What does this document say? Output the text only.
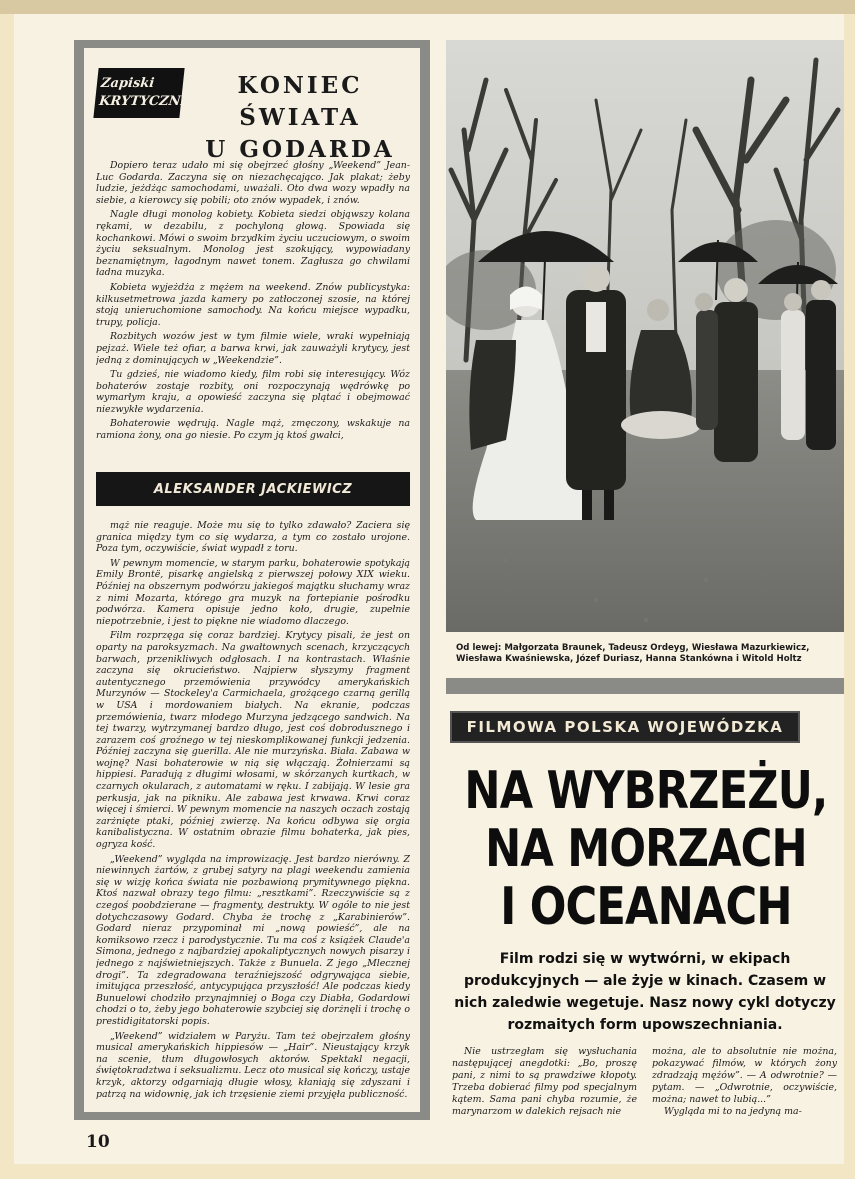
Zapiski
KRYTYCZNE
KONIEC ŚWIATA
U GODARDA

Dopiero teraz udało mi się obejrzeć głośny „Weekend” Jean-Luc Godarda. Zaczyna się on niezachęcająco. Jak plakat; żeby ludzie, jeżdżąc samochodami, uważali. Oto dwa wozy wpadły na siebie, a kierowcy się pobili; oto znów wypadek, i znów.

Nagle długi monolog kobiety. Kobieta siedzi objąwszy kolana rękami, w dezabilu, z pochyloną głową. Spowiada się kochankowi. Mówi o swoim brzydkim życiu uczuciowym, o swoim życiu seksualnym. Monolog jest szokujący, wypowiadany beznamiętnym, łagodnym nawet tonem. Zagłusza go chwilami ładna muzyka.

Kobieta wyjeżdża z mężem na weekend. Znów publicystyka: kilkusetmetrowa jazda kamery po zatłoczonej szosie, na której stoją unieruchomione samochody. Na końcu miejsce wypadku, trupy, policja.

Rozbitych wozów jest w tym filmie wiele, wraki wypełniają pejzaż. Wiele też ofiar, a barwa krwi, jak zauważyli krytycy, jest jedną z dominujących w „Weekendzie”.

Tu gdzieś, nie wiadomo kiedy, film robi się interesujący. Wóz bohaterów zostaje rozbity, oni rozpoczynają wędrówkę po wymarłym kraju, a opowieść zaczyna się plątać i obejmować niezwykłe wydarzenia.

Bohaterowie wędrują. Nagle mąż, zmęczony, wskakuje na ramiona żony, ona go niesie. Po czym ją ktoś gwałci,

ALEKSANDER JACKIEWICZ

mąż nie reaguje. Może mu się to tylko zdawało? Zaciera się granica między tym co się wydarza, a tym co zostało urojone. Poza tym, oczywiście, świat wypadł z toru.

W pewnym momencie, w starym parku, bohaterowie spotykają Emily Brontë, pisarkę angielską z pierwszej połowy XIX wieku. Później na obszernym podwórzu jakiegoś majątku słuchamy wraz z nimi Mozarta, którego gra muzyk na fortepianie pośrodku podwórza. Kamera opisuje jedno koło, drugie, zupełnie niepotrzebnie, i jest to piękne nie wiadomo dlaczego.

Film rozprzęga się coraz bardziej. Krytycy pisali, że jest on oparty na paroksyzmach. Na gwałtownych scenach, krzyczących barwach, przenikliwych odgłosach. I na kontrastach. Właśnie zaczyna się okrucieństwo. Najpierw słyszymy fragment autentycznego przemówienia przywódcy amerykańskich Murzynów — Stockeley'a Carmichaela, grożącego czarną gerillą w USA i mordowaniem białych. Na ekranie, podczas przemówienia, twarz młodego Murzyna jedzącego sandwich. Na tej twarzy, wytrzymanej bardzo długo, jest coś dobrodusznego i zarazem coś groźnego w tej nieskomplikowanej funkcji jedzenia. Później zaczyna się guerilla. Ale nie murzyńska. Biała. Zabawa w wojnę? Nasi bohaterowie w nią się włączają. Żołnierzami są hippiesi. Paradują z długimi włosami, w skórzanych kurtkach, w czarnych okularach, z automatami w ręku. I zabijają. W lesie gra perkusja, jak na pikniku. Ale zabawa jest krwawa. Krwi coraz więcej i śmierci. W pewnym momencie na naszych oczach zostają zarżnięte ptaki, później zwierzę. Na końcu odbywa się orgia kanibalistyczna. W ostatnim obrazie filmu bohaterka, jak pies, ogryza kość.

„Weekend” wygląda na improwizację. Jest bardzo nierówny. Z niewinnych żartów, z grubej satyry na plagi weekendu zamienia się w wizję końca świata nie pozbawioną prymitywnego piękna. Ktoś nazwał obrazy tego filmu: „resztkami”. Rzeczywiście są z czegoś poobdzierane — fragmenty, destrukty. W ogóle to nie jest dotychczasowy Godard. Chyba że trochę z „Karabinierów”. Godard nieraz przypominał mi „nową powieść”, ale na komiksowo rzecz i parodystycznie. Tu ma coś z książek Claude'a Simona, jednego z najbardziej apokaliptycznych nowych pisarzy i jednego z najświetniejszych. Także z Bunuela. Z jego „Mlecznej drogi”. Ta zdegradowana teraźniejszość odgrywająca siebie, imitująca przeszłość, antycypująca przyszłość! Ale podczas kiedy Bunuelowi chodziło przynajmniej o Boga czy Diabła, Godardowi chodzi o to, żeby jego bohaterowie szybciej się dorżnęli i trochę o prestidigitatorski popis.

„Weekend” widziałem w Paryżu. Tam też obejrzałem głośny musical amerykańskich hippiesów — „Hair”. Nieustający krzyk na scenie, tłum długowłosych aktorów. Spektakl negacji, świętokradztwa i seksualizmu. Lecz oto musical się kończy, ustaje krzyk, aktorzy odgarniają długie włosy, kłaniają się zdyszani i patrzą na widownię, jak ich trzęsienie ziemi przyjęła publiczność.

10
Od lewej: Małgorzata Braunek, Tadeusz Ordeyg, Wiesława Mazurkiewicz, Wiesława Kwaśniewska, Józef Duriasz, Hanna Stankówna i Witold Holtz
FILMOWA POLSKA WOJEWÓDZKA
NA WYBRZEŻU,
NA MORZACH
I OCEANACH
Film rodzi się w wytwórni, w ekipach produkcyjnych — ale żyje w kinach. Czasem w nich zaledwie wegetuje. Nasz nowy cykl dotyczy rozmaitych form upowszechniania.

Nie ustrzegłam się wysłuchania następującej anegdotki: „Bo, proszę pani, z nimi to są prawdziwe kłopoty. Trzeba dobierać filmy pod specjalnym kątem. Sama pani chyba rozumie, że marynarzom w dalekich rejsach nie

można, ale to absolutnie nie można, pokazywać filmów, w których żony zdradzają mężów”. — A odwrotnie? — pytam. — „Odwrotnie, oczywiście, można; nawet to lubią...”

Wygląda mi to na jedyną ma-
